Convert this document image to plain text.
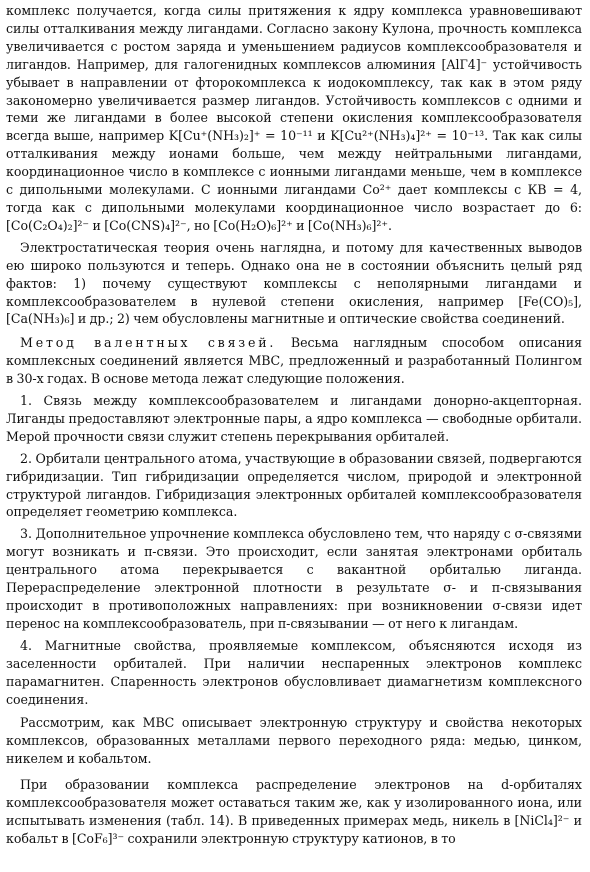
комплекс получается, когда силы притяжения к ядру комплекса уравновешивают силы отталкивания между лигандами. Согласно закону Кулона, прочность комплекса увеличивается с ростом заряда и уменьшением радиусов комплексообразователя и лигандов. Например, для галогенидных комплексов алюминия [AlГ4]⁻ устойчивость убывает в направлении от фторокомплекса к иодокомплексу, так как в этом ряду закономерно увеличивается размер лигандов. Устойчивость комплексов с одними и теми же лигандами в более высокой степени окисления комплексообразователя всегда выше, например K[Cu⁺(NH₃)₂]⁺ = 10⁻¹¹ и K[Cu²⁺(NH₃)₄]²⁺ = 10⁻¹³. Так как силы отталкивания между ионами больше, чем между нейтральными лигандами, координационное число в комплексе с ионными лигандами меньше, чем в комплексе с дипольными молекулами. С ионными лигандами Co²⁺ дает комплексы с КВ = 4, тогда как с дипольными молекулами координационное число возрастает до 6: [Co(C₂O₄)₂]²⁻ и [Co(CNS)₄]²⁻, но [Co(H₂O)₆]²⁺ и [Co(NH₃)₆]²⁺.

Электростатическая теория очень наглядна, и потому для качественных выводов ею широко пользуются и теперь. Однако она не в состоянии объяснить целый ряд фактов: 1) почему существуют комплексы с неполярными лигандами и комплексообразователем в нулевой степени окисления, например [Fe(CO)₅], [Ca(NH₃)₆] и др.; 2) чем обусловлены магнитные и оптические свойства соединений.

Метод валентных связей. Весьма наглядным способом описания комплексных соединений является МВС, предложенный и разработанный Полингом в 30-х годах. В основе метода лежат следующие положения.

1. Связь между комплексообразователем и лигандами донорно-акцепторная. Лиганды предоставляют электронные пары, а ядро комплекса — свободные орбитали. Мерой прочности связи служит степень перекрывания орбиталей.

2. Орбитали центрального атома, участвующие в образовании связей, подвергаются гибридизации. Тип гибридизации определяется числом, природой и электронной структурой лигандов. Гибридизация электронных орбиталей комплексообразователя определяет геометрию комплекса.

3. Дополнительное упрочнение комплекса обусловлено тем, что наряду с σ-связями могут возникать и π-связи. Это происходит, если занятая электронами орбиталь центрального атома перекрывается с вакантной орбиталью лиганда. Перераспределение электронной плотности в результате σ- и π-связывания происходит в противоположных направлениях: при возникновении σ-связи идет перенос на комплексообразователь, при π-связывании — от него к лигандам.

4. Магнитные свойства, проявляемые комплексом, объясняются исходя из заселенности орбиталей. При наличии неспаренных электронов комплекс парамагнитен. Спаренность электронов обусловливает диамагнетизм комплексного соединения.

Рассмотрим, как МВС описывает электронную структуру и свойства некоторых комплексов, образованных металлами первого переходного ряда: медью, цинком, никелем и кобальтом.

При образовании комплекса распределение электронов на d-орбиталях комплексообразователя может оставаться таким же, как у изолированного иона, или испытывать изменения (табл. 14). В приведенных примерах медь, никель в [NiCl₄]²⁻ и кобальт в [CoF₆]³⁻ сохранили электронную структуру катионов, в то
